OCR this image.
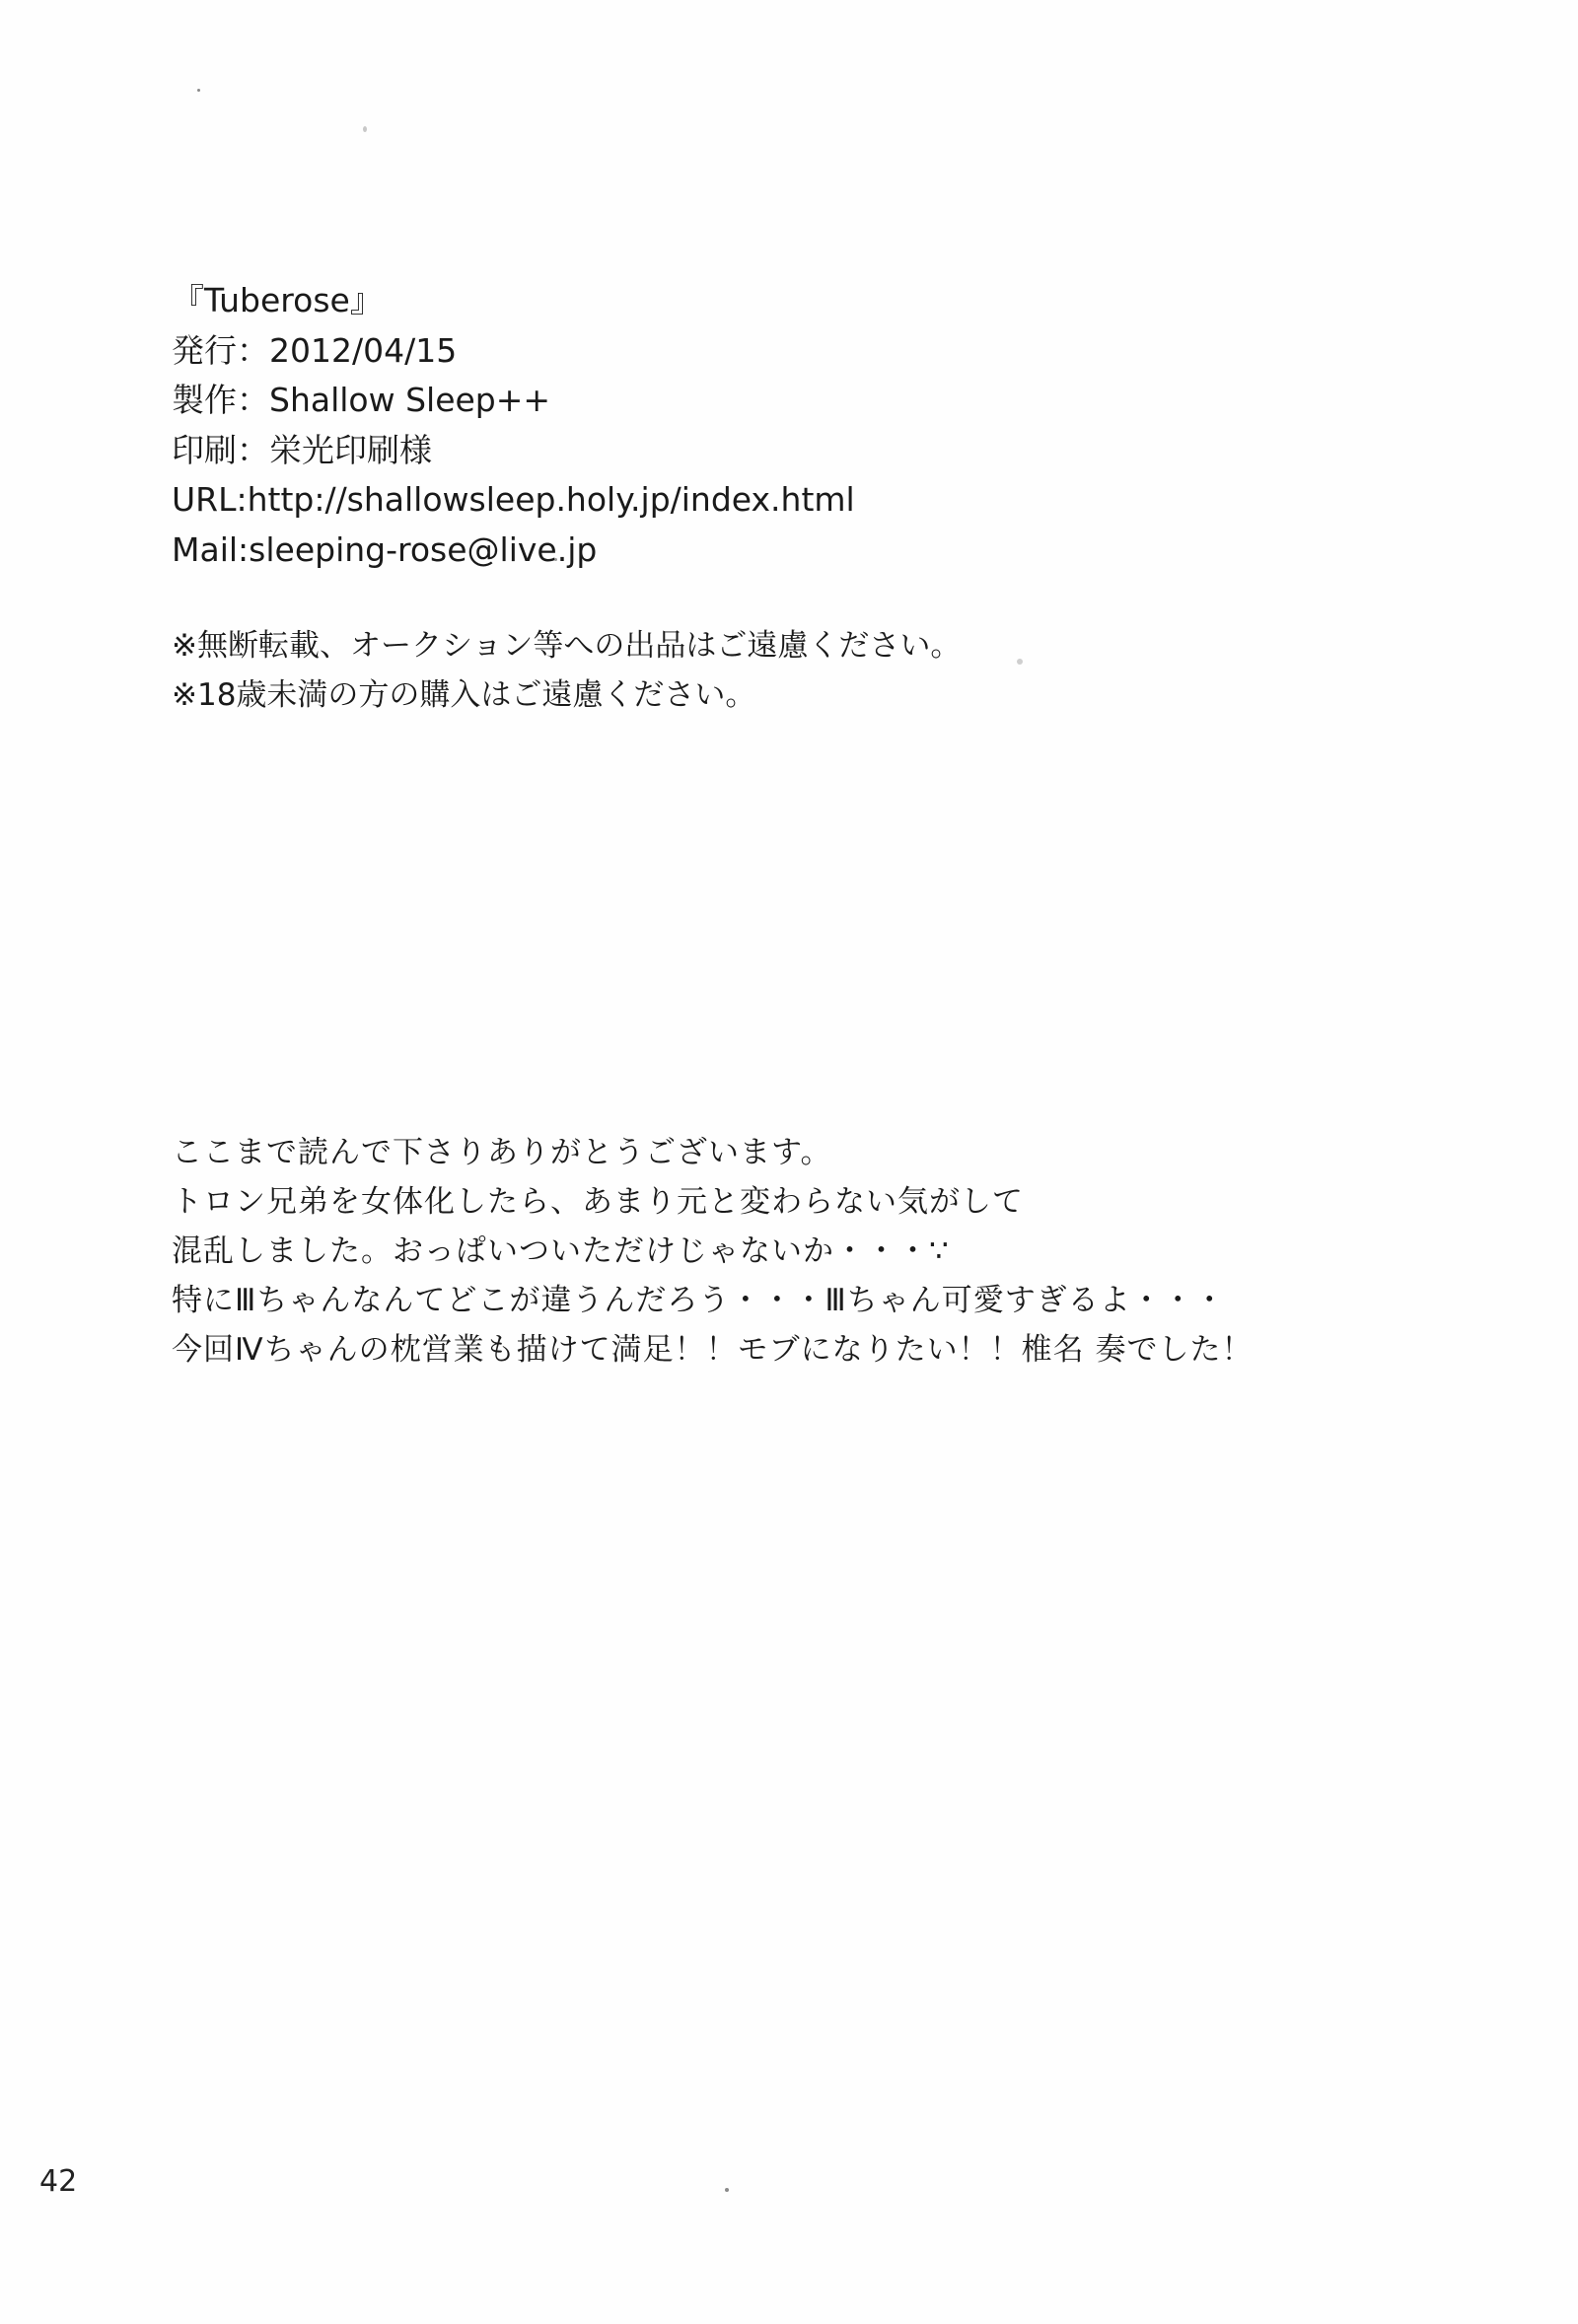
『Tuberose』
発行：2012/04/15
製作：Shallow Sleep++
印刷：栄光印刷様
URL:http://shallowsleep.holy.jp/index.html
Mail:sleeping-rose@live.jp
※無断転載、オークション等への出品はご遠慮ください。
※18歳未満の方の購入はご遠慮ください。
ここまで読んで下さりありがとうございます。
トロン兄弟を女体化したら、あまり元と変わらない気がして
混乱しました。おっぱいついただけじゃないか・・・∵
特にⅢちゃんなんてどこが違うんだろう・・・Ⅲちゃん可愛すぎるよ・・・
今回Ⅳちゃんの枕営業も描けて満足！！モブになりたい！！椎名 奏でした！
42
